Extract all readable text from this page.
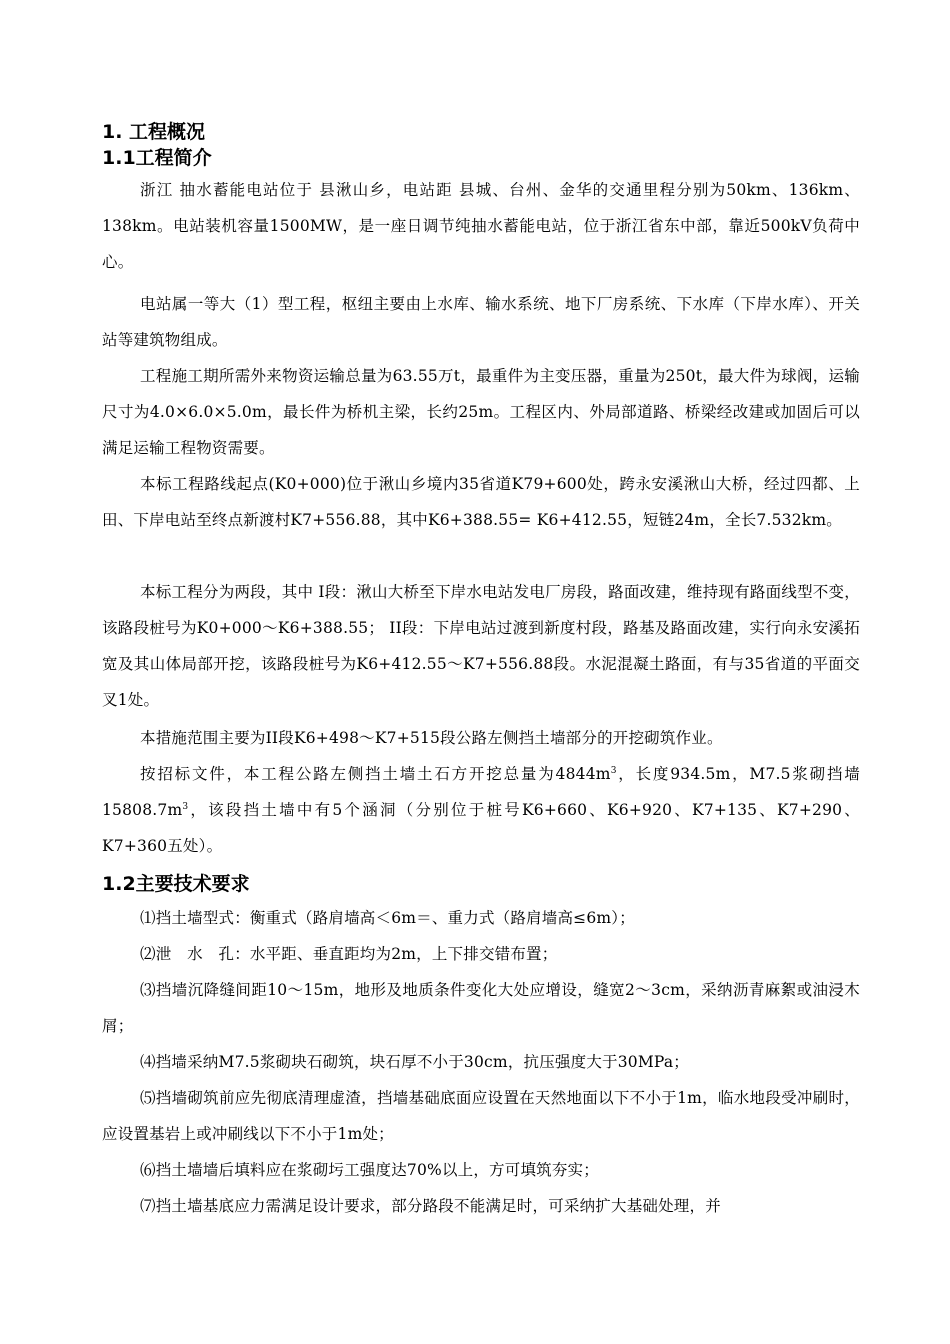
1. 工程概况
1.1工程简介
浙江 抽水蓄能电站位于 县湫山乡，电站距 县城、台州、金华的交通里程分别为50km、136km、138km。电站装机容量1500MW，是一座日调节纯抽水蓄能电站，位于浙江省东中部，靠近500kV负荷中心。
电站属一等大（1）型工程，枢纽主要由上水库、输水系统、地下厂房系统、下水库（下岸水库）、开关站等建筑物组成。
工程施工期所需外来物资运输总量为63.55万t，最重件为主变压器，重量为250t，最大件为球阀，运输尺寸为4.0×6.0×5.0m，最长件为桥机主梁，长约25m。工程区内、外局部道路、桥梁经改建或加固后可以满足运输工程物资需要。
本标工程路线起点(K0+000)位于湫山乡境内35省道K79+600处，跨永安溪湫山大桥，经过四都、上田、下岸电站至终点新渡村K7+556.88，其中K6+388.55= K6+412.55，短链24m，全长7.532km。
本标工程分为两段，其中 I段：湫山大桥至下岸水电站发电厂房段，路面改建，维持现有路面线型不变，该路段桩号为K0+000～K6+388.55； II段：下岸电站过渡到新度村段，路基及路面改建，实行向永安溪拓宽及其山体局部开挖，该路段桩号为K6+412.55～K7+556.88段。水泥混凝土路面，有与35省道的平面交叉1处。
本措施范围主要为II段K6+498～K7+515段公路左侧挡土墙部分的开挖砌筑作业。
按招标文件，本工程公路左侧挡土墙土石方开挖总量为$4844m^3$，长度934.5m，M7.5浆砌挡墙$15808.7m^3$，该段挡土墙中有5个涵洞（分别位于桩号K6+660、K6+920、K7+135、K7+290、K7+360五处）。
1.2主要技术要求
⑴挡土墙型式：衡重式（路肩墙高＜6m＝、重力式（路肩墙高≤6m）；
⑵泄　水　孔：水平距、垂直距均为2m，上下排交错布置；
⑶挡墙沉降缝间距10～15m，地形及地质条件变化大处应增设，缝宽2～3cm，采纳沥青麻絮或油浸木屑；
⑷挡墙采纳M7.5浆砌块石砌筑，块石厚不小于30cm，抗压强度大于30MPa；
⑸挡墙砌筑前应先彻底清理虚渣，挡墙基础底面应设置在天然地面以下不小于1m，临水地段受冲刷时，应设置基岩上或冲刷线以下不小于1m处；
⑹挡土墙墙后填料应在浆砌圬工强度达70%以上，方可填筑夯实；
⑺挡土墙基底应力需满足设计要求，部分路段不能满足时，可采纳扩大基础处理，并
